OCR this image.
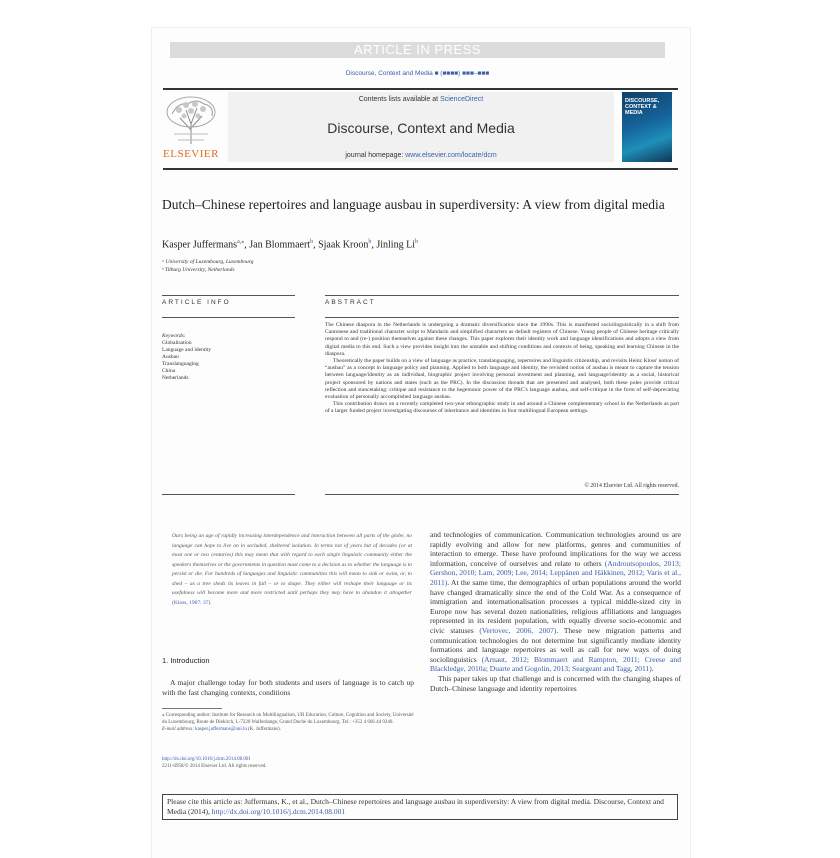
ARTICLE IN PRESS
Discourse, Context and Media ■ (■■■■) ■■■–■■■
ELSEVIER
Contents lists available at ScienceDirect
Discourse, Context and Media
journal homepage: www.elsevier.com/locate/dcm
DISCOURSE, CONTEXT & MEDIA
Dutch–Chinese repertoires and language ausbau in superdiversity: A view from digital media
Kasper Juffermans$^{a,⁎}$, Jan Blommaert$^b$, Sjaak Kroon$^b$, Jinling Li$^b$
ᵃ University of Luxembourg, Luxembourg
ᵇ Tilburg University, Netherlands
ARTICLE INFO	ABSTRACT
Keywords:
Globalisation
Language and identity
Ausbau
Translanguaging
China
Netherlands

The Chinese diaspora in the Netherlands is undergoing a dramatic diversification since the 1990s. This is manifested sociolinguistically in a shift from Cantonese and traditional character script to Mandarin and simplified characters as default registers of Chinese. Young people of Chinese heritage critically respond to and (re-) position themselves against these changes. This paper explores their identity work and language identifications and adopts a view from digital media to this end. Such a view provides insight into the unstable and shifting conditions and contexts of being, speaking and learning Chinese in the diaspora.

Theoretically the paper builds on a view of language as practice, translanguaging, repertoires and linguistic citizenship, and revisits Heinz Kloss' notion of “ausbau” as a concept in language policy and planning. Applied to both language and identity, the revisited notion of ausbau is meant to capture the tension between language/identity as an individual, biographic project involving personal investment and planning, and language/identity as a social, historical project sponsored by nations and states (such as the PRC). In the discussion threads that are presented and analysed, both these poles provide critical reflection and stancetaking: critique and resistance to the hegemonic power of the PRC's language ausbau, and self-critique in the form of self-deprecating evaluation of personally accomplished language ausbau.

This contribution draws on a recently completed two-year ethnographic study in and around a Chinese complementary school in the Netherlands as part of a larger funded project investigating discourses of inheritance and identities in four multilingual European settings.

© 2014 Elsevier Ltd. All rights reserved.
Ours being an age of rapidly increasing interdependence and interaction between all parts of the globe, no language can hope to live on in secluded, sheltered isolation. In terms not of years but of decades (or at most one or two centuries) this may mean that with regard to each single linguistic community either the speakers themselves or the governments in question must come to a decision as to whether the language is to persist or die. For hundreds of languages and linguistic communities this will mean to sink or swim, or, to shed – as a tree sheds its leaves in fall – or to shape. They either will reshape their language or its usefulness will become more and more restricted until perhaps they may have to abandon it altogether (Kloss, 1967: 37).
1. Introduction
A major challenge today for both students and users of language is to catch up with the fast changing contexts, conditions
⁎ Corresponding author: Institute for Research on Multilingualism, UR Education, Culture, Cognition and Society, Université du Luxembourg, Route de Diekirch, L-7220 Walferdange, Grand Duché du Luxembourg. Tel.: +352 4 666 44 9240.
E-mail address: kasper.juffermans@uni.lu (K. Juffermans).
http://dx.doi.org/10.1016/j.dcm.2014.08.001
2211-6958/© 2014 Elsevier Ltd. All rights reserved.

and technologies of communication. Communication technologies around us are rapidly evolving and allow for new platforms, genres and communities of interaction to emerge. These have profound implications for the way we access information, conceive of ourselves and relate to others (Androutsopoulos, 2013; Gershon, 2010; Lam, 2009; Lee, 2014; Leppänen and Häkkinen, 2012; Varis et al., 2011). At the same time, the demographics of urban populations around the world have changed dramatically since the end of the Cold War. As a consequence of immigration and internationalisation processes a typical middle-sized city in Europe now has several dozen nationalities, religious affiliations and languages represented in its resident population, with equally diverse socio-economic and civic statuses (Vertovec, 2006, 2007). These new migration patterns and communication technologies do not determine but significantly mediate identity formations and language repertoires as well as call for new ways of doing sociolinguistics (Arnaut, 2012; Blommaert and Rampton, 2011; Creese and Blackledge, 2010a; Duarte and Gogolin, 2013; Seargeant and Tagg, 2011).

This paper takes up that challenge and is concerned with the changing shapes of Dutch–Chinese language and identity repertoires

Please cite this article as: Juffermans, K., et al., Dutch–Chinese repertoires and language ausbau in superdiversity: A view from digital media. Discourse, Context and Media (2014), http://dx.doi.org/10.1016/j.dcm.2014.08.001
